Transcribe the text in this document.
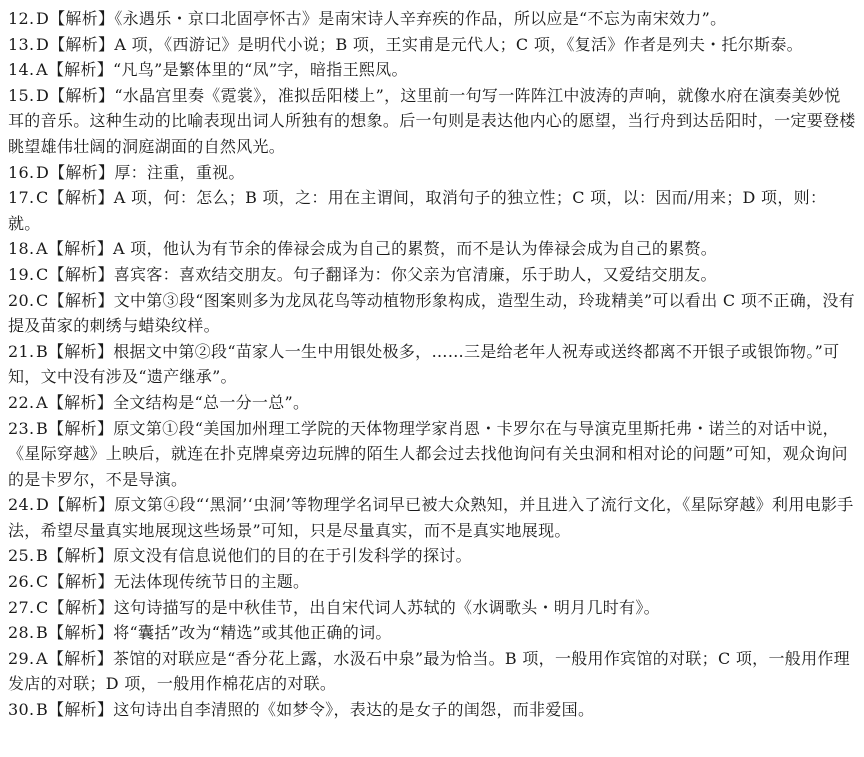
12. D【解析】《永遇乐・京口北固亭怀古》是南宋诗人辛弃疾的作品，所以应是“不忘为南宋效力”。
13. D【解析】A 项，《西游记》是明代小说；B 项，王实甫是元代人；C 项，《复活》作者是列夫・托尔斯泰。
14. A【解析】“凡鸟”是繁体里的“凤”字，暗指王熙凤。
15. D【解析】“水晶宫里奏《霓裳》，准拟岳阳楼上”，这里前一句写一阵阵江中波涛的声响，就像水府在演奏美妙悦耳的音乐。这种生动的比喻表现出词人所独有的想象。后一句则是表达他内心的愿望，当行舟到达岳阳时，一定要登楼眺望雄伟壮阔的洞庭湖面的自然风光。
16. D【解析】厚：注重，重视。
17. C【解析】A 项，何：怎么；B 项，之：用在主谓间，取消句子的独立性；C 项，以：因而/用来；D 项，则：就。
18. A【解析】A 项，他认为有节余的俸禄会成为自己的累赘，而不是认为俸禄会成为自己的累赘。
19. C【解析】喜宾客：喜欢结交朋友。句子翻译为：你父亲为官清廉，乐于助人，又爱结交朋友。
20. C【解析】文中第③段“图案则多为龙凤花鸟等动植物形象构成，造型生动，玲珑精美”可以看出 C 项不正确，没有提及苗家的刺绣与蜡染纹样。
21. B【解析】根据文中第②段“苗家人一生中用银处极多，……三是给老年人祝寿或送终都离不开银子或银饰物。”可知，文中没有涉及“遗产继承”。
22. A【解析】全文结构是“总一分一总”。
23. B【解析】原文第①段“美国加州理工学院的天体物理学家肖恩・卡罗尔在与导演克里斯托弗・诺兰的对话中说，《星际穿越》上映后，就连在扑克牌桌旁边玩牌的陌生人都会过去找他询问有关虫洞和相对论的问题”可知，观众询问的是卡罗尔，不是导演。
24. D【解析】原文第④段“‘黑洞’‘虫洞’等物理学名词早已被大众熟知，并且进入了流行文化，《星际穿越》利用电影手法，希望尽量真实地展现这些场景”可知，只是尽量真实，而不是真实地展现。
25. B【解析】原文没有信息说他们的目的在于引发科学的探讨。
26. C【解析】无法体现传统节日的主题。
27. C【解析】这句诗描写的是中秋佳节，出自宋代词人苏轼的《水调歌头・明月几时有》。
28. B【解析】将“囊括”改为“精选”或其他正确的词。
29. A【解析】茶馆的对联应是“香分花上露，水汲石中泉”最为恰当。B 项，一般用作宾馆的对联；C 项，一般用作理发店的对联；D 项，一般用作棉花店的对联。
30. B【解析】这句诗出自李清照的《如梦令》，表达的是女子的闺怨，而非爱国。
